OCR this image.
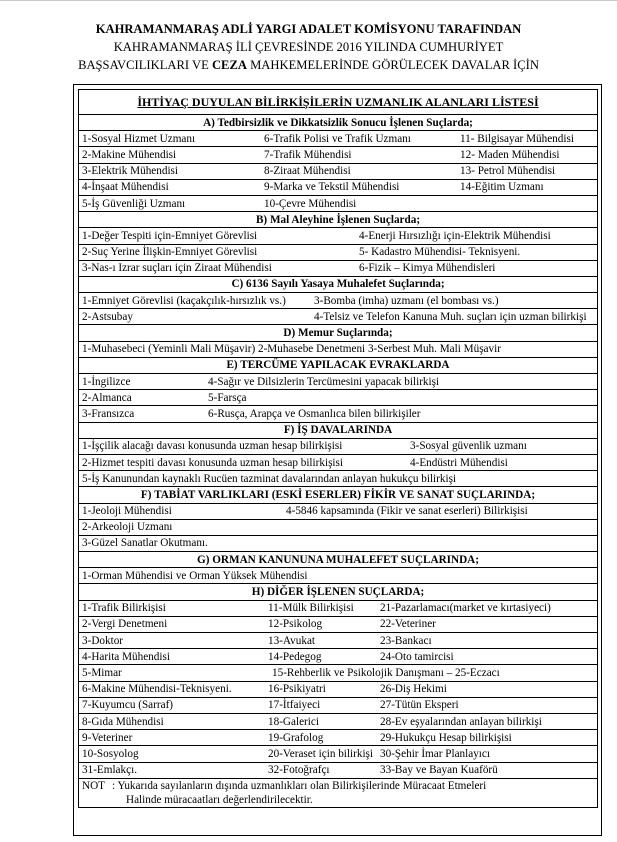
KAHRAMANMARAŞ ADLİ YARGI ADALET KOMİSYONU TARAFINDAN
KAHRAMANMARAŞ İLİ ÇEVRESİNDE 2016 YILINDA CUMHURİYET
BAŞSAVCILIKLARI VE CEZA MAHKEMELERİNDE GÖRÜLECEK DAVALAR İÇİN
İHTİYAÇ DUYULAN BİLİRKİŞİLERİN UZMANLIK ALANLARI LİSTESİ
A) Tedbirsizlik ve Dikkatsizlik Sonucu İşlenen Suçlarda;
1-Sosyal Hizmet Uzmanı	6-Trafik Polisi ve Trafik Uzmanı	11- Bilgisayar Mühendisi
2-Makine Mühendisi	7-Trafik Mühendisi	12- Maden Mühendisi
3-Elektrik Mühendisi	8-Ziraat Mühendisi	13- Petrol Mühendisi
4-İnşaat Mühendisi	9-Marka ve Tekstil Mühendisi	14-Eğitim Uzmanı
5-İş Güvenliği Uzmanı	10-Çevre Mühendisi
B) Mal Aleyhine İşlenen Suçlarda;
1-Değer Tespiti için-Emniyet Görevlisi	4-Enerji Hırsızlığı için-Elektrik Mühendisi
2-Suç Yerine İlişkin-Emniyet Görevlisi	5- Kadastro Mühendisi- Teknisyeni.
3-Nas-ı Izrar suçları için Ziraat Mühendisi	6-Fizik – Kimya Mühendisleri
C) 6136 Sayılı Yasaya Muhalefet Suçlarında;
1-Emniyet Görevlisi (kaçakçılık-hırsızlık vs.)	3-Bomba (imha) uzmanı (el bombası vs.)
2-Astsubay	4-Telsiz ve Telefon Kanuna Muh. suçları için uzman bilirkişi
D) Memur Suçlarında;
1-Muhasebeci (Yeminli Mali Müşavir) 2-Muhasebe Denetmeni 3-Serbest Muh. Mali Müşavir
E) TERCÜME YAPILACAK EVRAKLARDA
1-İngilizce	4-Sağır ve Dilsizlerin Tercümesini yapacak bilirkişi
2-Almanca	5-Farsça
3-Fransızca	6-Rusça, Arapça ve Osmanlıca bilen bilirkişiler
F) İŞ DAVALARINDA
1-İşçilik alacağı davası konusunda uzman hesap bilirkişisi	3-Sosyal güvenlik uzmanı
2-Hizmet tespiti davası konusunda uzman hesap bilirkişisi	4-Endüstri Mühendisi
5-İş Kanunundan kaynaklı Rucüen tazminat davalarından anlayan hukukçu bilirkişi
F) TABİAT VARLIKLARI (ESKİ ESERLER) FİKİR VE SANAT SUÇLARINDA;
1-Jeoloji Mühendisi	4-5846 kapsamında (Fikir ve sanat eserleri) Bilirkişisi
2-Arkeoloji Uzmanı
3-Güzel Sanatlar Okutmanı.
G) ORMAN KANUNUNA MUHALEFET SUÇLARINDA;
1-Orman Mühendisi ve Orman Yüksek Mühendisi
H) DİĞER İŞLENEN SUÇLARDA;
1-Trafik Bilirkişisi	11-Mülk Bilirkişisi 21-Pazarlamacı(market ve kırtasiyeci)
2-Vergi Denetmeni	12-Psikolog	22-Veteriner
3-Doktor	13-Avukat	23-Bankacı
4-Harita Mühendisi	14-Pedegog	24-Oto tamircisi
5-Mimar	15-Rehberlik ve Psikolojik Danışmanı – 25-Eczacı
6-Makine Mühendisi-Teknisyeni.	16-Psikiyatri	26-Diş Hekimi
7-Kuyumcu (Sarraf)	17-İtfaiyeci	27-Tütün Eksperi
8-Gıda Mühendisi	18-Galerici	28-Ev eşyalarından anlayan bilirkişi
9-Veteriner	19-Grafolog	29-Hukukçu Hesap bilirkişisi
10-Sosyolog	20-Veraset için bilirkişi 30-Şehir İmar Planlayıcı
31-Emlakçı.	32-Fotoğrafçı	33-Bay ve Bayan Kuaförü

NOT : Yukarıda sayılanların dışında uzmanlıkları olan Bilirkişilerinde Müracaat Etmeleri
Halinde müracaatları değerlendirilecektir.
